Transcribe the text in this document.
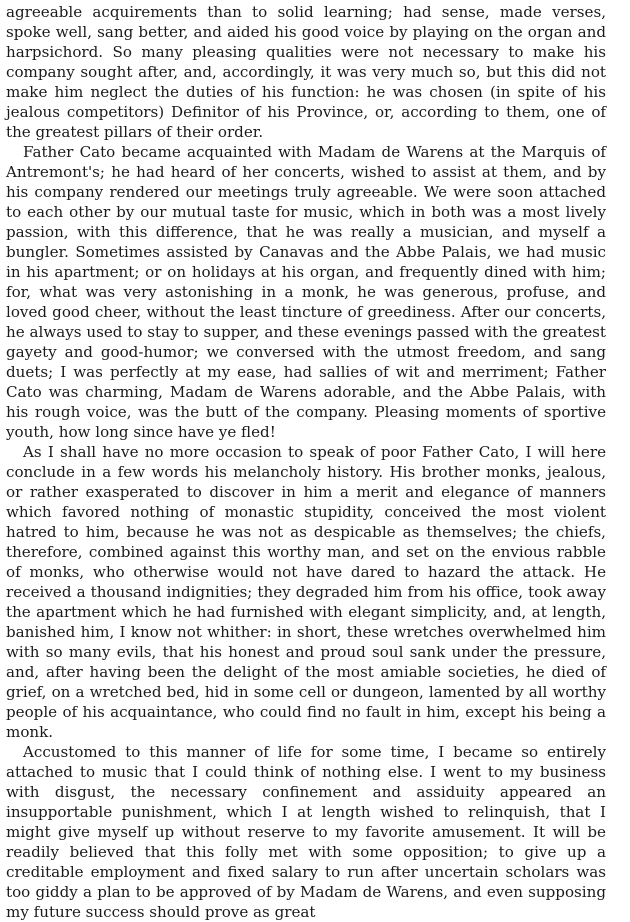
agreeable acquirements than to solid learning; had sense, made verses, spoke well, sang better, and aided his good voice by playing on the organ and harpsichord. So many pleasing qualities were not necessary to make his company sought after, and, accordingly, it was very much so, but this did not make him neglect the duties of his function: he was chosen (in spite of his jealous competitors) Definitor of his Province, or, according to them, one of the greatest pillars of their order.

Father Cato became acquainted with Madam de Warens at the Marquis of Antremont's; he had heard of her concerts, wished to assist at them, and by his company rendered our meetings truly agreeable. We were soon attached to each other by our mutual taste for music, which in both was a most lively passion, with this difference, that he was really a musician, and myself a bungler. Sometimes assisted by Canavas and the Abbe Palais, we had music in his apartment; or on holidays at his organ, and frequently dined with him; for, what was very astonishing in a monk, he was generous, profuse, and loved good cheer, without the least tincture of greediness. After our concerts, he always used to stay to supper, and these evenings passed with the greatest gayety and good-humor; we conversed with the utmost freedom, and sang duets; I was perfectly at my ease, had sallies of wit and merriment; Father Cato was charming, Madam de Warens adorable, and the Abbe Palais, with his rough voice, was the butt of the company. Pleasing moments of sportive youth, how long since have ye fled!

As I shall have no more occasion to speak of poor Father Cato, I will here conclude in a few words his melancholy history. His brother monks, jealous, or rather exasperated to discover in him a merit and elegance of manners which favored nothing of monastic stupidity, conceived the most violent hatred to him, because he was not as despicable as themselves; the chiefs, therefore, combined against this worthy man, and set on the envious rabble of monks, who otherwise would not have dared to hazard the attack. He received a thousand indignities; they degraded him from his office, took away the apartment which he had furnished with elegant simplicity, and, at length, banished him, I know not whither: in short, these wretches overwhelmed him with so many evils, that his honest and proud soul sank under the pressure, and, after having been the delight of the most amiable societies, he died of grief, on a wretched bed, hid in some cell or dungeon, lamented by all worthy people of his acquaintance, who could find no fault in him, except his being a monk.

Accustomed to this manner of life for some time, I became so entirely attached to music that I could think of nothing else. I went to my business with disgust, the necessary confinement and assiduity appeared an insupportable punishment, which I at length wished to relinquish, that I might give myself up without reserve to my favorite amusement. It will be readily believed that this folly met with some opposition; to give up a creditable employment and fixed salary to run after uncertain scholars was too giddy a plan to be approved of by Madam de Warens, and even supposing my future success should prove as great
